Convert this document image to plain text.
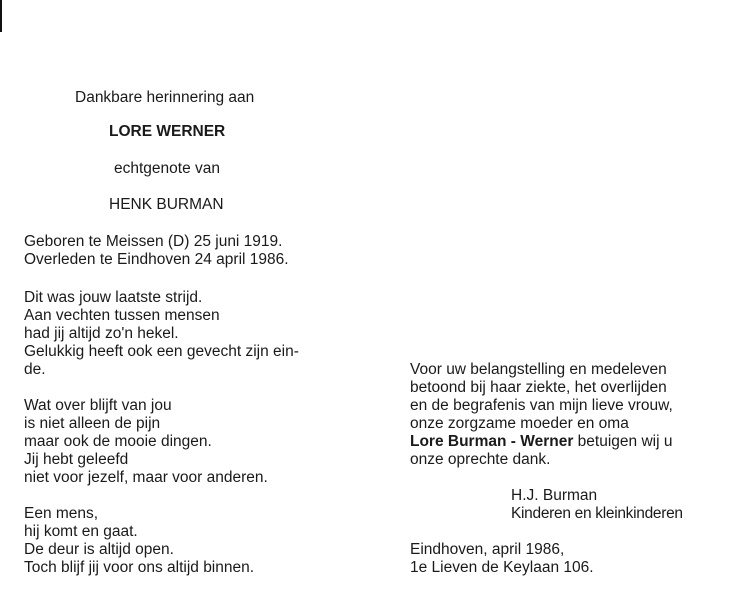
Dankbare herinnering aan
LORE WERNER
echtgenote van
HENK BURMAN
Geboren te Meissen (D) 25 juni 1919.
Overleden te Eindhoven 24 april 1986.
Dit was jouw laatste strijd.
Aan vechten tussen mensen
had jij altijd zo'n hekel.
Gelukkig heeft ook een gevecht zijn ein-
de.
Wat over blijft van jou
is niet alleen de pijn
maar ook de mooie dingen.
Jij hebt geleefd
niet voor jezelf, maar voor anderen.
Een mens,
hij komt en gaat.
De deur is altijd open.
Toch blijf jij voor ons altijd binnen.
Voor uw belangstelling en medeleven
betoond bij haar ziekte, het overlijden
en de begrafenis van mijn lieve vrouw,
onze zorgzame moeder en oma
Lore Burman - Werner betuigen wij u
onze oprechte dank.
H.J. Burman
Kinderen en kleinkinderen
Eindhoven, april 1986,
1e Lieven de Keylaan 106.
